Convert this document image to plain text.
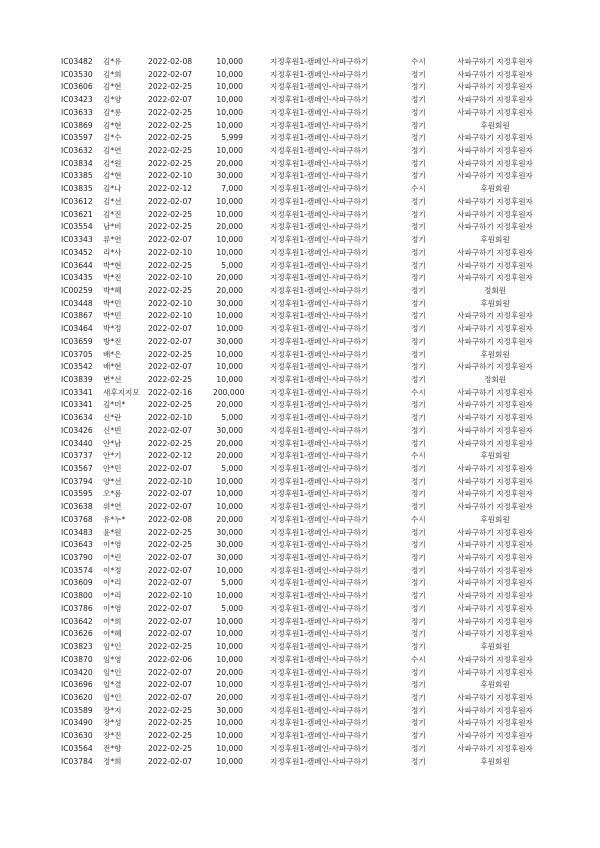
IC03482 김*유	2022-02-08	10,000	지정후원1-캠페인-사파구하기	수시	사파구하기 지정후원자
IC03530 김*희	2022-02-07	10,000	지정후원1-캠페인-사파구하기	정기	사파구하기 지정후원자
IC03606 김*현	2022-02-25	10,000	지정후원1-캠페인-사파구하기	정기	사파구하기 지정후원자
IC03423 김*양	2022-02-07	10,000	지정후원1-캠페인-사파구하기	정기	사파구하기 지정후원자
IC03633 김*롱	2022-02-25	10,000	지정후원1-캠페인-사파구하기	정기	사파구하기 지정후원자
IC03869 김*현	2022-02-25	10,000	지정후원1-캠페인-사파구하기	정기	후원회원
IC03597 김*수	2022-02-25	5,999	지정후원1-캠페인-사파구하기	정기	사파구하기 지정후원자
IC03632 김*연	2022-02-25	10,000	지정후원1-캠페인-사파구하기	정기	사파구하기 지정후원자
IC03834 김*원	2022-02-25	20,000	지정후원1-캠페인-사파구하기	정기	사파구하기 지정후원자
IC03385 김*현	2022-02-10	30,000	지정후원1-캠페인-사파구하기	정기	사파구하기 지정후원자
IC03835 김*나	2022-02-12	7,000	지정후원1-캠페인-사파구하기	수시	후원회원
IC03612 김*선	2022-02-07	10,000	지정후원1-캠페인-사파구하기	정기	사파구하기 지정후원자
IC03621 김*진	2022-02-25	10,000	지정후원1-캠페인-사파구하기	정기	사파구하기 지정후원자
IC03554 남*비	2022-02-25	20,000	지정후원1-캠페인-사파구하기	정기	사파구하기 지정후원자
IC03343 류*연	2022-02-07	10,000	지정후원1-캠페인-사파구하기	정기	후원회원
IC03452 리*사	2022-02-10	10,000	지정후원1-캠페인-사파구하기	정기	사파구하기 지정후원자
IC03644 박*현	2022-02-25	5,000	지정후원1-캠페인-사파구하기	정기	사파구하기 지정후원자
IC03435 박*진	2022-02-10	20,000	지정후원1-캠페인-사파구하기	정기	사파구하기 지정후원자
IC00259 박*혜	2022-02-25	20,000	지정후원1-캠페인-사파구하기	정기	정회원
IC03448 박*민	2022-02-10	30,000	지정후원1-캠페인-사파구하기	정기	후원회원
IC03867 박*민	2022-02-10	10,000	지정후원1-캠페인-사파구하기	정기	사파구하기 지정후원자
IC03464 박*정	2022-02-07	10,000	지정후원1-캠페인-사파구하기	정기	사파구하기 지정후원자
IC03659 방*진	2022-02-07	30,000	지정후원1-캠페인-사파구하기	정기	사파구하기 지정후원자
IC03705 배*은	2022-02-25	10,000	지정후원1-캠페인-사파구하기	정기	후원회원
IC03542 배*현	2022-02-07	10,000	지정후원1-캠페인-사파구하기	정기	사파구하기 지정후원자
IC03839 변*선	2022-02-25	10,000	지정후원1-캠페인-사파구하기	정기	정회원
IC03341 새후지지모 2022-02-16	200,000	지정후원1-캠페인-사파구하기	수시	사파구하기 지정후원자
IC03341 김*미*	2022-02-25	20,000	지정후원1-캠페인-사파구하기	정기	사파구하기 지정후원자
IC03634 신*란	2022-02-10	5,000	지정후원1-캠페인-사파구하기	정기	사파구하기 지정후원자
IC03426 신*빈	2022-02-07	30,000	지정후원1-캠페인-사파구하기	정기	사파구하기 지정후원자
IC03440 안*남	2022-02-25	20,000	지정후원1-캠페인-사파구하기	정기	사파구하기 지정후원자
IC03737 안*기	2022-02-12	20,000	지정후원1-캠페인-사파구하기	수시	후원회원
IC03567 안*민	2022-02-07	5,000	지정후원1-캠페인-사파구하기	정기	사파구하기 지정후원자
IC03794 양*선	2022-02-10	10,000	지정후원1-캠페인-사파구하기	정기	사파구하기 지정후원자
IC03595 오*롬	2022-02-07	10,000	지정후원1-캠페인-사파구하기	정기	사파구하기 지정후원자
IC03638 위*연	2022-02-07	10,000	지정후원1-캠페인-사파구하기	정기	사파구하기 지정후원자
IC03768 유*누*	2022-02-08	20,000	지정후원1-캠페인-사파구하기	수시	후원회원
IC03483 윤*원	2022-02-25	30,000	지정후원1-캠페인-사파구하기	정기	사파구하기 지정후원자
IC03643 이*영	2022-02-25	30,000	지정후원1-캠페인-사파구하기	정기	사파구하기 지정후원자
IC03790 이*린	2022-02-07	30,000	지정후원1-캠페인-사파구하기	정기	사파구하기 지정후원자
IC03574 이*정	2022-02-07	10,000	지정후원1-캠페인-사파구하기	정기	사파구하기 지정후원자
IC03609 이*리	2022-02-07	5,000	지정후원1-캠페인-사파구하기	정기	사파구하기 지정후원자
IC03800 이*리	2022-02-10	10,000	지정후원1-캠페인-사파구하기	정기	사파구하기 지정후원자
IC03786 이*영	2022-02-07	5,000	지정후원1-캠페인-사파구하기	정기	사파구하기 지정후원자
IC03642 이*희	2022-02-07	10,000	지정후원1-캠페인-사파구하기	정기	사파구하기 지정후원자
IC03626 이*혜	2022-02-07	10,000	지정후원1-캠페인-사파구하기	정기	사파구하기 지정후원자
IC03823 임*인	2022-02-25	10,000	지정후원1-캠페인-사파구하기	정기	후원회원
IC03870 임*영	2022-02-06	10,000	지정후원1-캠페인-사파구하기	수시	사파구하기 지정후원자
IC03420 임*인	2022-02-07	20,000	지정후원1-캠페인-사파구하기	정기	사파구하기 지정후원자
IC03696 임*결	2022-02-07	10,000	지정후원1-캠페인-사파구하기	정기	후원회원
IC03620 임*인	2022-02-07	20,000	지정후원1-캠페인-사파구하기	정기	사파구하기 지정후원자
IC03589 장*지	2022-02-25	30,000	지정후원1-캠페인-사파구하기	정기	사파구하기 지정후원자
IC03490 장*성	2022-02-25	10,000	지정후원1-캠페인-사파구하기	정기	사파구하기 지정후원자
IC03630 장*진	2022-02-25	10,000	지정후원1-캠페인-사파구하기	정기	사파구하기 지정후원자
IC03564 전*향	2022-02-25	10,000	지정후원1-캠페인-사파구하기	정기	사파구하기 지정후원자
IC03784 정*희	2022-02-07	10,000	지정후원1-캠페인-사파구하기	정기	후원회원
